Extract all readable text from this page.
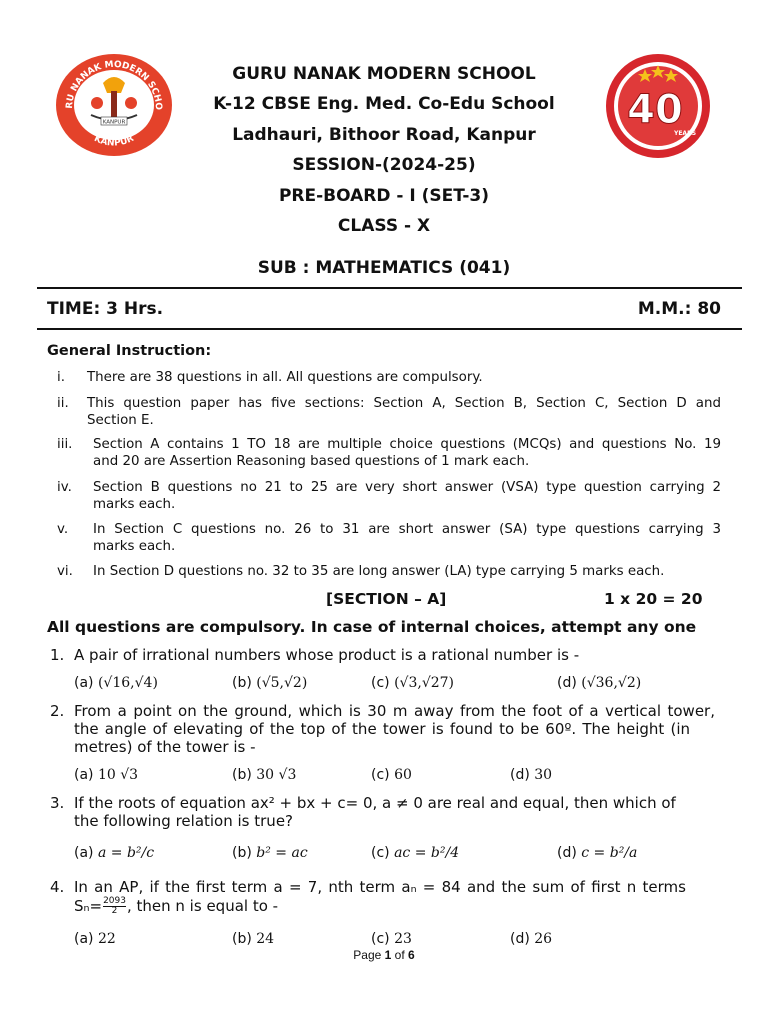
RU NANAK MODERN SCHO
KANPUR
KANPUR	40
YEARS
GURU NANAK MODERN SCHOOL
K-12 CBSE Eng. Med. Co-Edu School
Ladhauri, Bithoor Road, Kanpur
SESSION-(2024-25)
PRE-BOARD - I (SET-3)
CLASS - X
SUB : MATHEMATICS (041)
TIME: 3 Hrs.	M.M.: 80
General Instruction:
i. There are 38 questions in all. All questions are compulsory.
ii. This question paper has five sections: Section A, Section B, Section C, Section D and
Section E.
iii. Section A contains 1 TO 18 are multiple choice questions (MCQs) and questions No. 19
and 20 are Assertion Reasoning based questions of 1 mark each.
iv. Section B questions no 21 to 25 are very short answer (VSA) type question carrying 2
marks each.
v. In Section C questions no. 26 to 31 are short answer (SA) type questions carrying 3
marks each.
vi. In Section D questions no. 32 to 35 are long answer (LA) type carrying 5 marks each.
[SECTION – A]	1 x 20 = 20
All questions are compulsory. In case of internal choices, attempt any one
1. A pair of irrational numbers whose product is a rational number is -
(a) (√16,√4)	(b) (√5,√2)	(c) (√3,√27)	(d) (√36,√2)
2. From a point on the ground, which is 30 m away from the foot of a vertical tower,
the angle of elevating of the top of the tower is found to be 60º. The height (in
metres) of the tower is -
(a) 10 √3	(b) 30 √3	(c) 60	(d) 30
3. If the roots of equation ax² + bx + c= 0, a ≠ 0 are real and equal, then which of
the following relation is true?
(a) a = b²/c	(b) b² = ac	(c) ac = b²/4	(d) c = b²/a
4. In an AP, if the first term a = 7, nth term aₙ = 84 and the sum of first n terms
$S_n= \frac{2093}{2}$ , then n is equal to -
(a) 22	(b) 24	(c) 23	(d) 26
Page 1 of 6
